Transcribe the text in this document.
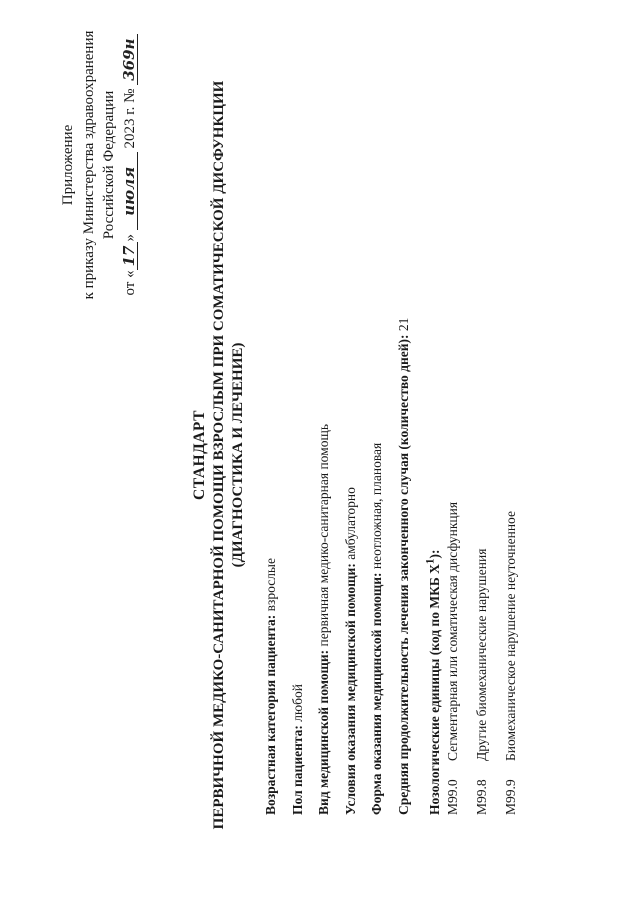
Приложение к приказу Министерства здравоохранения Российской Федерации
от «17» июля 2023 г. № 369н
СТАНДАРТ ПЕРВИЧНОЙ МЕДИКО-САНИТАРНОЙ ПОМОЩИ ВЗРОСЛЫМ ПРИ СОМАТИЧЕСКОЙ ДИСФУНКЦИИ (ДИАГНОСТИКА И ЛЕЧЕНИЕ)
Возрастная категория пациента: взрослые
Пол пациента: любой Вид медицинской помощи: первичная медико-санитарная помощь
Условия оказания медицинской помощи: амбулаторно
Форма оказания медицинской помощи: неотложная, плановая Средняя продолжительность лечения законченного случая (количество дней): 21
Нозологические единицы (код по МКБ $X^1$):
M99.0
Сегментарная или соматическая дисфункция
M99.8
Другие биомеханические нарушения
M99.9
Биомеханическое нарушение неуточненное
